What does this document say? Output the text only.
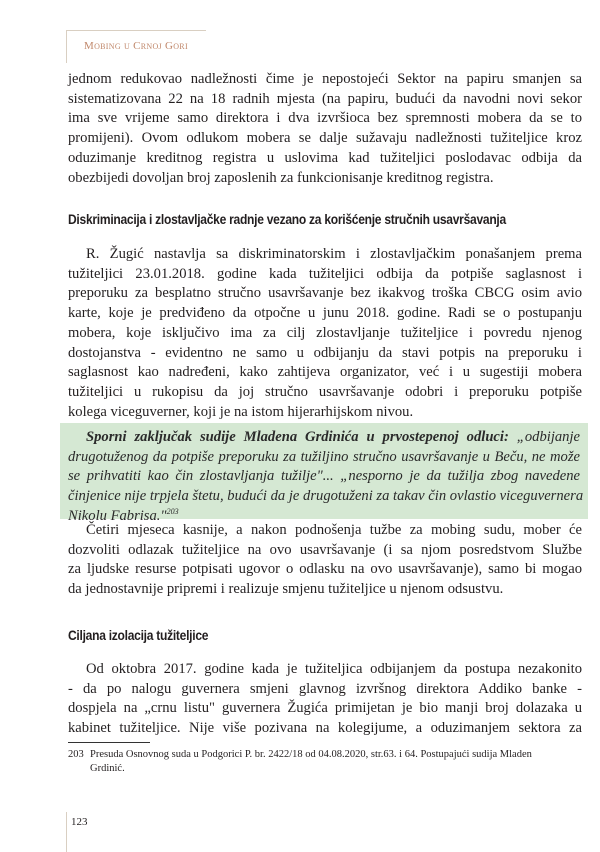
Mobing u Crnoj Gori
jednom redukovao nadležnosti čime je nepostojeći Sektor na papiru smanjen sa
sistematizovana 22 na 18 radnih mjesta (na papiru, budući da navodni novi sekor
ima sve vrijeme samo direktora i dva izvršioca bez spremnosti mobera da se to
promijeni). Ovom odlukom mobera se dalje sužavaju nadležnosti tužiteljice kroz
oduzimanje kreditnog registra u uslovima kad tužiteljici poslodavac odbija da
obezbijedi dovoljan broj zaposlenih za funkcionisanje kreditnog registra.
Diskriminacija i zlostavljačke radnje vezano za korišćenje stručnih usavršavanja
R. Žugić nastavlja sa diskriminatorskim i zlostavljačkim ponašanjem prema
tužiteljici 23.01.2018. godine kada tužiteljici odbija da potpiše saglasnost i
preporuku za besplatno stručno usavršavanje bez ikakvog troška CBCG osim avio
karte, koje je predviđeno da otpočne u junu 2018. godine. Radi se o postupanju
mobera, koje isključivo ima za cilj zlostavljanje tužiteljice i povredu njenog
dostojanstva - evidentno ne samo u odbijanju da stavi potpis na preporuku i
saglasnost kao nadređeni, kako zahtijeva organizator, već i u sugestiji mobera
tužiteljici u rukopisu da joj stručno usavršavanje odobri i preporuku potpiše
kolega viceguverner, koji je na istom hijerarhijskom nivou.
Sporni zaključak sudije Mladena Grdinića u prvostepenoj odluci: „odbijanje
drugotuženog da potpiše preporuku za tužiljino stručno usavršavanje u Beču, ne može
se prihvatiti kao čin zlostavljanja tužilje"... „nesporno je da tužilja zbog navedene
činjenice nije trpjela štetu, budući da je drugotuženi za takav čin ovlastio viceguvernera
Nikolu Fabrisa."$^{203}$
Četiri mjeseca kasnije, a nakon podnošenja tužbe za mobing sudu, mober će
dozvoliti odlazak tužiteljice na ovo usavršavanje (i sa njom posredstvom Službe
za ljudske resurse potpisati ugovor o odlasku na ovo usavršavanje), samo bi mogao
da jednostavnije pripremi i realizuje smjenu tužiteljice u njenom odsustvu.
Ciljana izolacija tužiteljice
Od oktobra 2017. godine kada je tužiteljica odbijanjem da postupa nezakonito
- da po nalogu guvernera smjeni glavnog izvršnog direktora Addiko banke -
dospjela na „crnu listu" guvernera Žugića primijetan je bio manji broj dolazaka u
kabinet tužiteljice. Nije više pozivana na kolegijume, a oduzimanjem sektora za
203 Presuda Osnovnog suda u Podgorici P. br. 2422/18 od 04.08.2020, str.63. i 64. Postupajući sudija Mladen Grdinić.
123
